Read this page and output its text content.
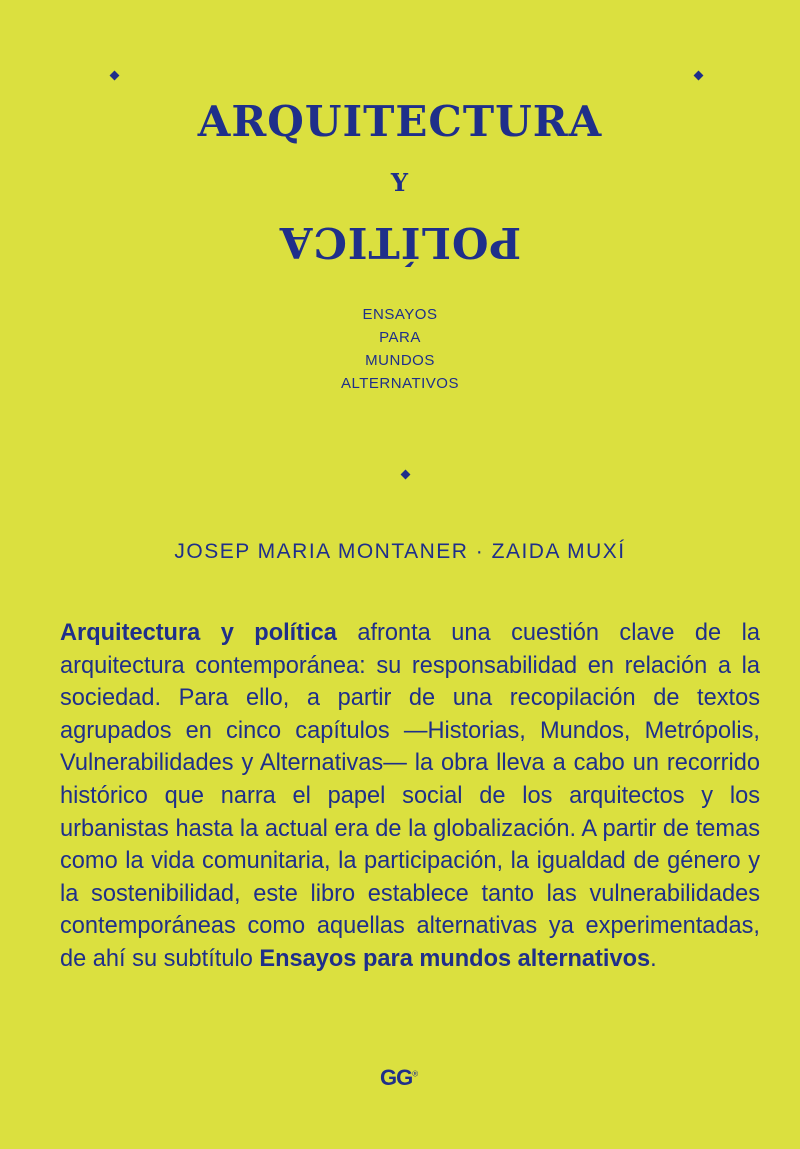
ARQUITECTURA
Y
POLÍTICA
ENSAYOS
PARA
MUNDOS
ALTERNATIVOS
JOSEP MARIA MONTANER · ZAIDA MUXÍ
Arquitectura y política afronta una cuestión clave de la arquitectura contemporánea: su responsabilidad en relación a la sociedad. Para ello, a partir de una recopilación de textos agrupados en cinco capítulos —Historias, Mundos, Metrópolis, Vulnerabilidades y Alternativas— la obra lleva a cabo un recorrido histórico que narra el papel social de los arquitectos y los urbanistas hasta la actual era de la globalización. A partir de temas como la vida comunitaria, la participación, la igualdad de género y la sostenibilidad, este libro establece tanto las vulnerabilidades contemporáneas como aquellas alternativas ya experimentadas, de ahí su subtítulo Ensayos para mundos alternativos.
GG®
